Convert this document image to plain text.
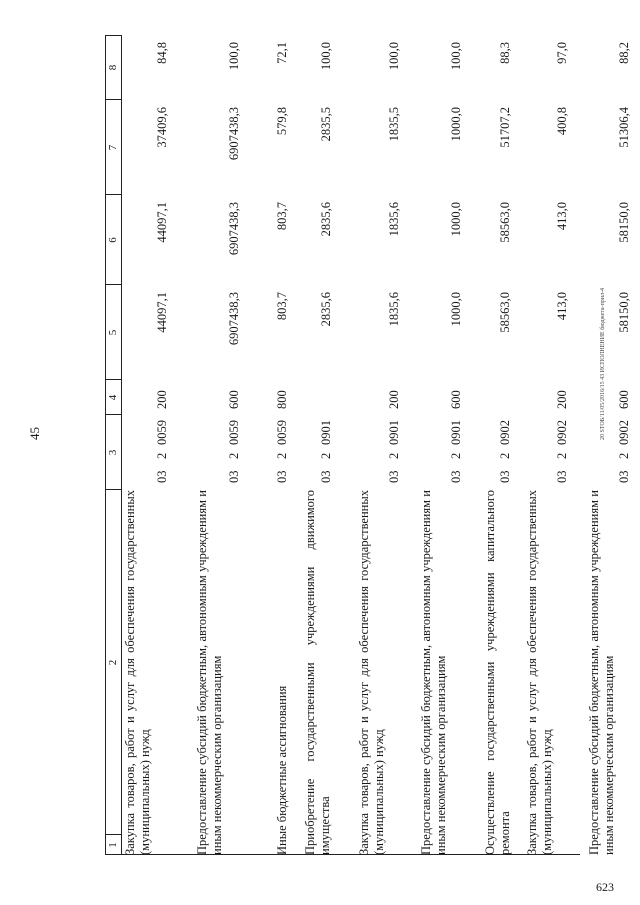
45	20 STOБ/11/05/2016/15 43 ИСПОЛНЕНИЕ бюджета-прил-4
623
1
2
3
4
5
6
7
8
Закупка товаров, работ и услуг для обеспечения государственных (муниципальных) нужд
03
2
0059
200
44097,1
44097,1
37409,6
84,8
Предоставление субсидий бюджетным, автономным учреждениям и иным некоммерческим организациям
03
2
0059
600
6907438,3
6907438,3
6907438,3
100,0
Иные бюджетные ассигнования
03
2
0059
800
803,7
803,7
579,8
72,1
Приобретение государственными учреждениями движимого имущества
03
2
0901
2835,6
2835,6
2835,5
100,0
Закупка товаров, работ и услуг для обеспечения государственных (муниципальных) нужд
03
2
0901
200
1835,6
1835,6
1835,5
100,0
Предоставление субсидий бюджетным, автономным учреждениям и иным некоммерческим организациям
03
2
0901
600
1000,0
1000,0
1000,0
100,0
Осуществление государственными учреждениями капитального ремонта
03
2
0902
58563,0
58563,0
51707,2
88,3
Закупка товаров, работ и услуг для обеспечения государственных (муниципальных) нужд
03
2
0902
200
413,0
413,0
400,8
97,0
Предоставление субсидий бюджетным, автономным учреждениям и иным некоммерческим организациям
03
2
0902
600
58150,0
58150,0
51306,4
88,2
